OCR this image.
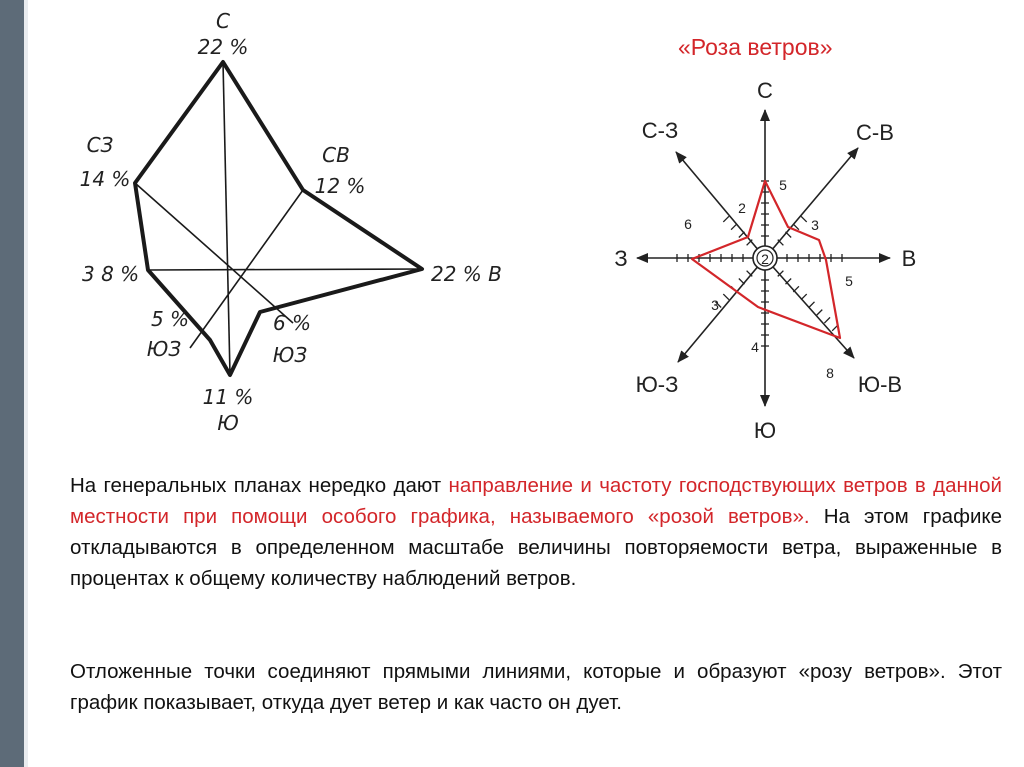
С
22 %
СЗ
14 %
СВ
12 %
3 8 %	22 % В
5 %
ЮЗ
6 %
ЮЗ
11 %
Ю
«Роза ветров»
2
С
С-В
В
Ю-В
Ю
Ю-З
З
С-З
5
2
3
5
8
4
3
6
На генеральных планах нередко дают направление и частоту господствующих ветров в данной местности при помощи особого графика, называемого «розой ветров». На этом графике откладываются в определенном масштабе величины повторяемости ветра, выраженные в процентах к общему количеству наблюдений ветров.
Отложенные точки соединяют прямыми линиями, которые и образуют «розу ветров». Этот график показывает, откуда дует ветер и как часто он дует.
